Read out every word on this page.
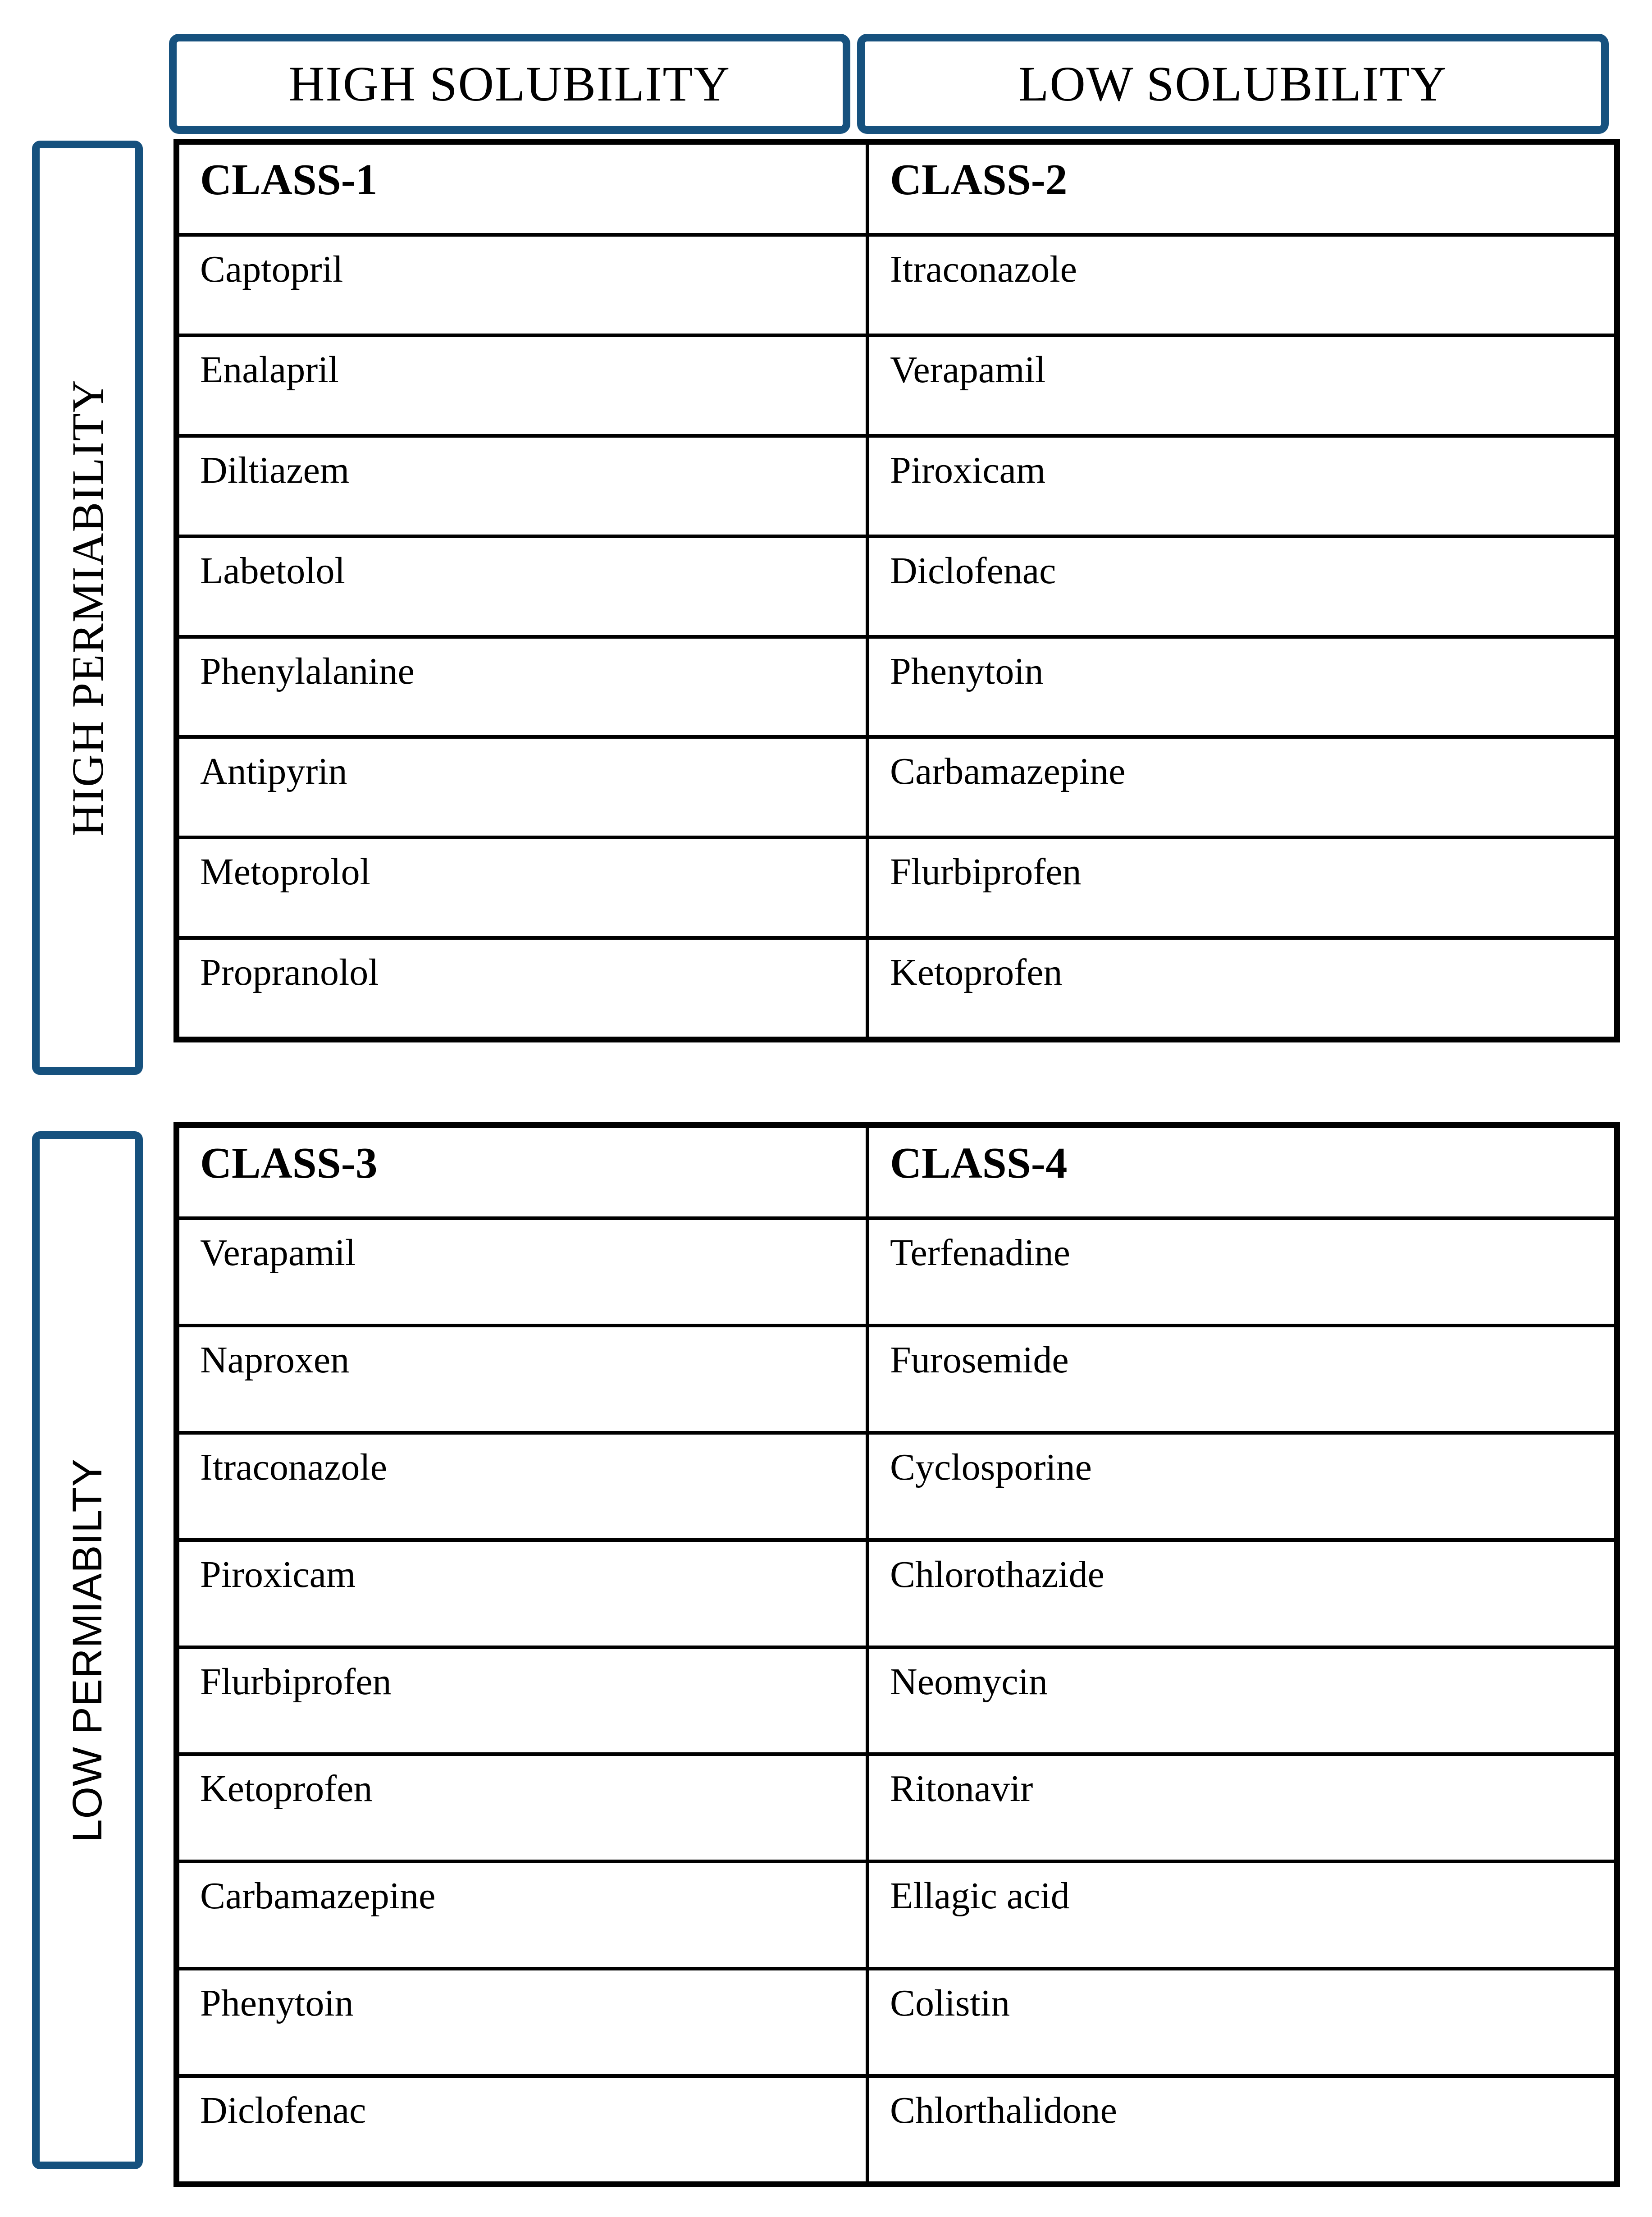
HIGH SOLUBILITY	LOW SOLUBILITY
HIGH PERMIABILITY
LOW PERMIABILTY
CLASS-1	CLASS-2
Captopril	Itraconazole
Enalapril	Verapamil
Diltiazem	Piroxicam
Labetolol	Diclofenac
Phenylalanine	Phenytoin
Antipyrin	Carbamazepine
Metoprolol	Flurbiprofen
Propranolol	Ketoprofen
CLASS-3	CLASS-4
Verapamil	Terfenadine
Naproxen	Furosemide
Itraconazole	Cyclosporine
Piroxicam	Chlorothazide
Flurbiprofen	Neomycin
Ketoprofen	Ritonavir
Carbamazepine	Ellagic acid
Phenytoin	Colistin
Diclofenac	Chlorthalidone
